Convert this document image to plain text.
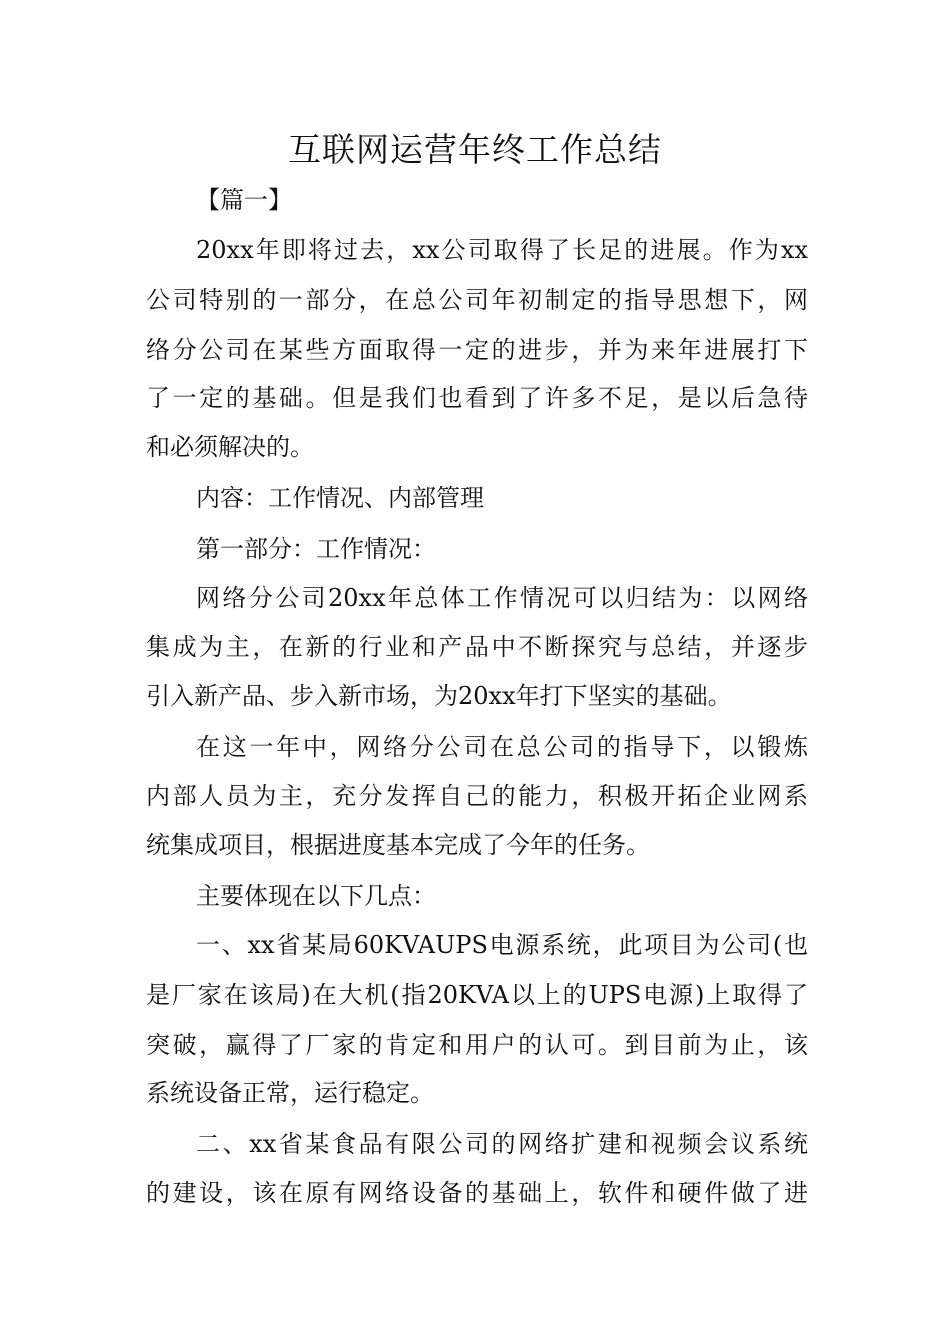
互联网运营年终工作总结
【篇一】
20xx年即将过去，xx公司取得了长足的进展。作为xx
公司特别的一部分，在总公司年初制定的指导思想下，网
络分公司在某些方面取得一定的进步，并为来年进展打下
了一定的基础。但是我们也看到了许多不足，是以后急待
和必须解决的。
内容：工作情况、内部管理
第一部分：工作情况：
网络分公司20xx年总体工作情况可以归结为：以网络
集成为主，在新的行业和产品中不断探究与总结，并逐步
引入新产品、步入新市场，为20xx年打下坚实的基础。
在这一年中，网络分公司在总公司的指导下，以锻炼
内部人员为主，充分发挥自己的能力，积极开拓企业网系
统集成项目，根据进度基本完成了今年的任务。
主要体现在以下几点：
一、xx省某局60KVAUPS电源系统，此项目为公司(也
是厂家在该局)在大机(指20KVA以上的UPS电源)上取得了
突破，赢得了厂家的肯定和用户的认可。到目前为止，该
系统设备正常，运行稳定。
二、xx省某食品有限公司的网络扩建和视频会议系统
的建设，该在原有网络设备的基础上，软件和硬件做了进
